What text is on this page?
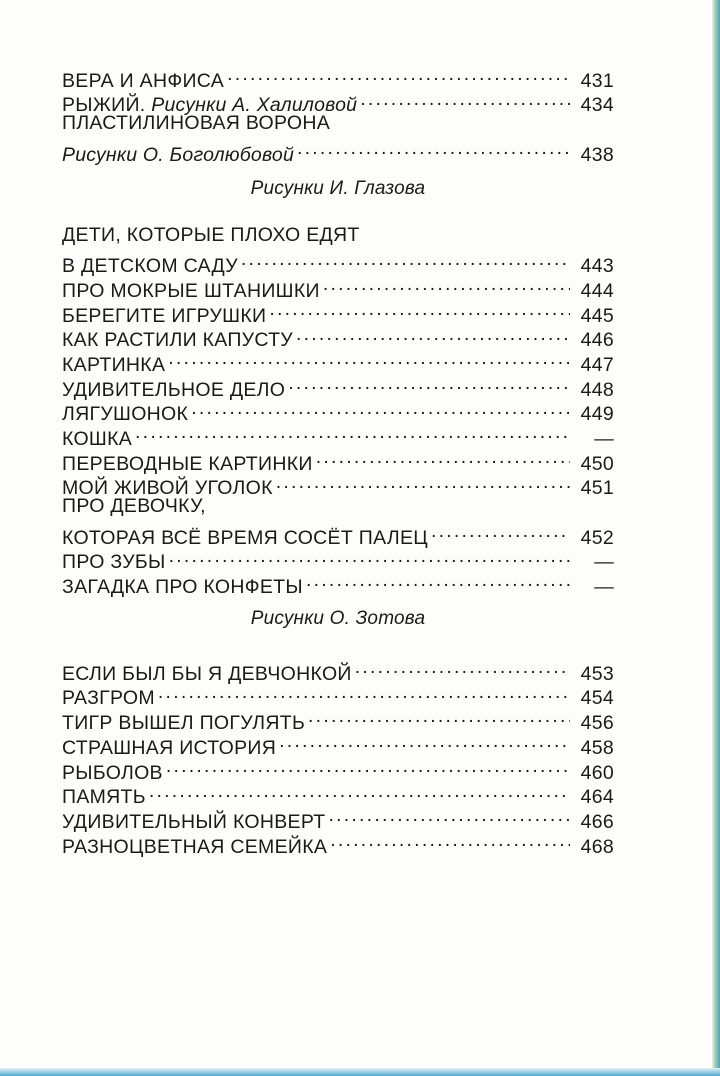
ВЕРА И АНФИСА . . .	431
РЫЖИЙ. Рисунки А. Халиловой . . .	434
ПЛАСТИЛИНОВАЯ ВОРОНА
Рисунки О. Боголюбовой . . .	438
Рисунки И. Глазова
ДЕТИ, КОТОРЫЕ ПЛОХО ЕДЯТ
В ДЕТСКОМ САДУ . . .	443
ПРО МОКРЫЕ ШТАНИШКИ . . .	444
БЕРЕГИТЕ ИГРУШКИ . . .	445
КАК РАСТИЛИ КАПУСТУ . . .	446
КАРТИНКА . . .	447
УДИВИТЕЛЬНОЕ ДЕЛО . . .	448
ЛЯГУШОНОК . . .	449
КОШКА . . .	—
ПЕРЕВОДНЫЕ КАРТИНКИ . . .	450
МОЙ ЖИВОЙ УГОЛОК . . .	451
ПРО ДЕВОЧКУ,
КОТОРАЯ ВСЁ ВРЕМЯ СОСЁТ ПАЛЕЦ . . .	452
ПРО ЗУБЫ . . .	—
ЗАГАДКА ПРО КОНФЕТЫ . . .	—
Рисунки О. Зотова
ЕСЛИ БЫЛ БЫ Я ДЕВЧОНКОЙ . . .	453
РАЗГРОМ . . .	454
ТИГР ВЫШЕЛ ПОГУЛЯТЬ . . .	456
СТРАШНАЯ ИСТОРИЯ . . .	458
РЫБОЛОВ . . .	460
ПАМЯТЬ . . .	464
УДИВИТЕЛЬНЫЙ КОНВЕРТ . . .	466
РАЗНОЦВЕТНАЯ СЕМЕЙКА . . .	468
